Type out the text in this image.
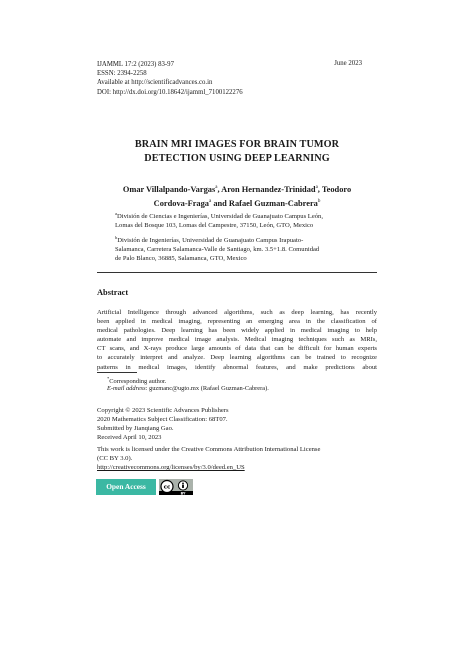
IJAMML 17:2 (2023) 83-97
ESSN: 2394-2258
Available at http://scientificadvances.co.in
DOI: http://dx.doi.org/10.18642/ijamml_7100122276
June 2023
BRAIN MRI IMAGES FOR BRAIN TUMOR
DETECTION USING DEEP LEARNING
Omar Villalpando-Vargas$^a$, Aron Hernandez-Trinidad$^a$, Teodoro
Cordova-Fraga$^a$ and Rafael Guzman-Cabrera$^b$
$^a$División de Ciencias e Ingenierías, Universidad de Guanajuato Campus León,
Lomas del Bosque 103, Lomas del Campestre, 37150, León, GTO, Mexico
$^b$División de Ingenierías, Universidad de Guanajuato Campus Irapuato-
Salamanca, Carretera Salamanca-Valle de Santiago, km. 3.5+1.8. Comunidad
de Palo Blanco, 36885, Salamanca, GTO, Mexico
Abstract
Artificial Intelligence through advanced algorithms, such as deep learning, has recently
been applied in medical imaging, representing an emerging area in the classification of
medical pathologies. Deep learning has been widely applied in medical imaging to help
automate and improve medical image analysis. Medical imaging techniques such as MRIs,
CT scans, and X-rays produce large amounts of data that can be difficult for human experts
to accurately interpret and analyze. Deep learning algorithms can be trained to recognize
patterns in medical images, identify abnormal features, and make predictions about
*Corresponding author.
E-mail address: guzmanc@ugto.mx (Rafael Guzman-Cabrera).
Copyright © 2023 Scientific Advances Publishers
2020 Mathematics Subject Classification: 68T07.
Submitted by Jianqiang Gao.
Received April 10, 2023
This work is licensed under the Creative Commons Attribution International License
(CC BY 3.0).
http://creativecommons.org/licenses/by/3.0/deed.en_US
Open Access	cc
BY
